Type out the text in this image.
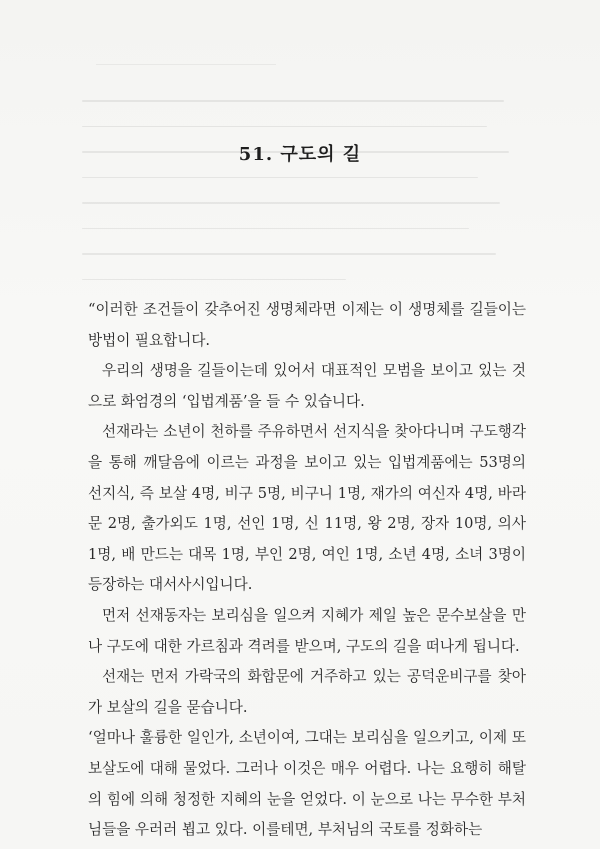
51. 구도의 길

“이러한 조건들이 갖추어진 생명체라면 이제는 이 생명체를 길들이는 방법이 필요합니다.

우리의 생명을 길들이는데 있어서 대표적인 모범을 보이고 있는 것으로 화엄경의 ‘입법계품’을 들 수 있습니다.

선재라는 소년이 천하를 주유하면서 선지식을 찾아다니며 구도행각을 통해 깨달음에 이르는 과정을 보이고 있는 입법계품에는 53명의 선지식, 즉 보살 4명, 비구 5명, 비구니 1명, 재가의 여신자 4명, 바라문 2명, 출가외도 1명, 선인 1명, 신 11명, 왕 2명, 장자 10명, 의사 1명, 배 만드는 대목 1명, 부인 2명, 여인 1명, 소년 4명, 소녀 3명이 등장하는 대서사시입니다.

먼저 선재동자는 보리심을 일으켜 지혜가 제일 높은 문수보살을 만나 구도에 대한 가르침과 격려를 받으며, 구도의 길을 떠나게 됩니다.

선재는 먼저 가락국의 화합문에 거주하고 있는 공덕운비구를 찾아가 보살의 길을 묻습니다.

‘얼마나 훌륭한 일인가, 소년이여, 그대는 보리심을 일으키고, 이제 또 보살도에 대해 물었다. 그러나 이것은 매우 어렵다. 나는 요행히 해탈의 힘에 의해 청정한 지혜의 눈을 얻었다. 이 눈으로 나는 무수한 부처님들을 우러러 뵙고 있다. 이를테면, 부처님의 국토를 정화하는
